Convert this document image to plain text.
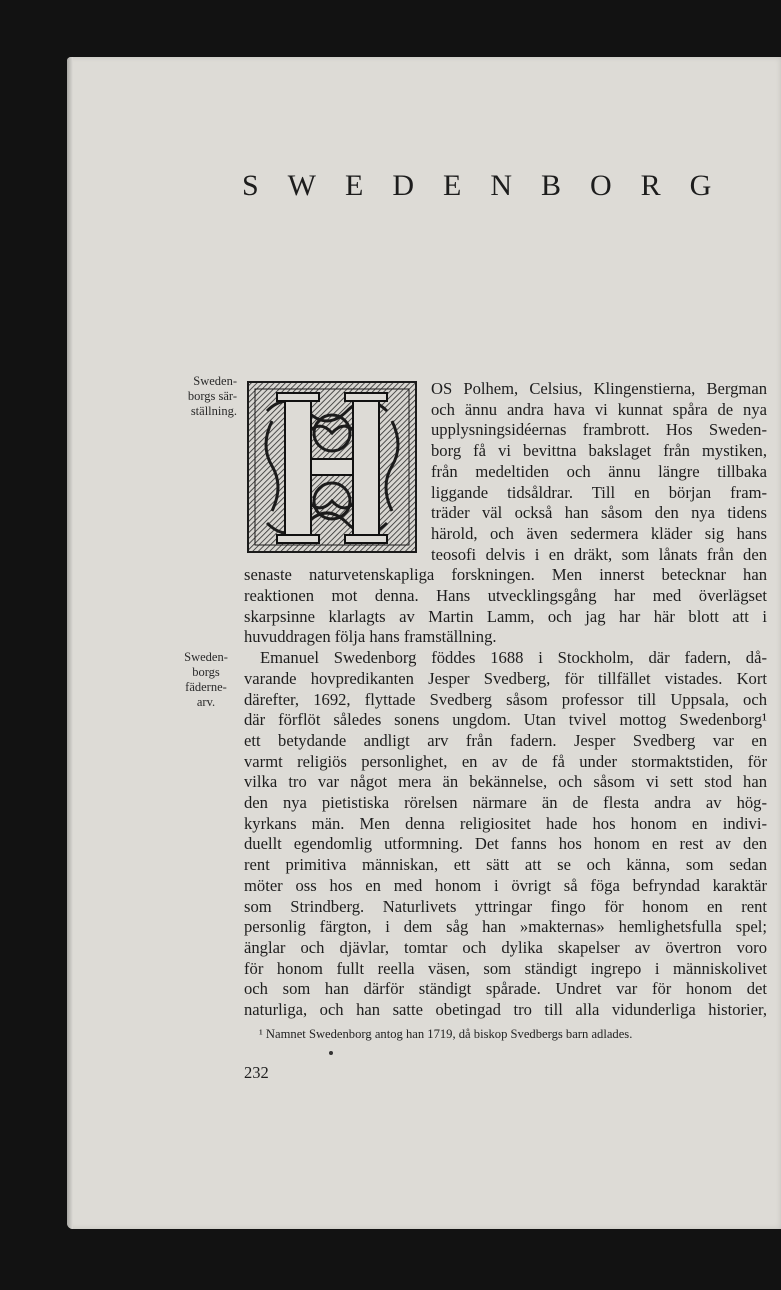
SWEDENBORG
Sweden-
borgs sär-
ställning.
Sweden-
borgs
fäderne-
arv.
OS Polhem, Celsius, Klingenstierna, Bergman
och ännu andra hava vi kunnat spåra de nya
upplysningsidéernas frambrott. Hos Sweden-
borg få vi bevittna bakslaget från mystiken,
från medeltiden och ännu längre tillbaka
liggande tidsåldrar. Till en början fram-
träder väl också han såsom den nya tidens
härold, och även sedermera kläder sig hans
teosofi delvis i en dräkt, som lånats från den
senaste naturvetenskapliga forskningen. Men innerst betecknar han
reaktionen mot denna. Hans utvecklingsgång har med överlägset
skarpsinne klarlagts av Martin Lamm, och jag har här blott att i
huvuddragen följa hans framställning.
Emanuel Swedenborg föddes 1688 i Stockholm, där fadern, då-
varande hovpredikanten Jesper Svedberg, för tillfället vistades. Kort
därefter, 1692, flyttade Svedberg såsom professor till Uppsala, och
där förflöt således sonens ungdom. Utan tvivel mottog Swedenborg¹
ett betydande andligt arv från fadern. Jesper Svedberg var en
varmt religiös personlighet, en av de få under stormaktstiden, för
vilka tro var något mera än bekännelse, och såsom vi sett stod han
den nya pietistiska rörelsen närmare än de flesta andra av hög-
kyrkans män. Men denna religiositet hade hos honom en indivi-
duellt egendomlig utformning. Det fanns hos honom en rest av den
rent primitiva människan, ett sätt att se och känna, som sedan
möter oss hos en med honom i övrigt så föga befryndad karaktär
som Strindberg. Naturlivets yttringar fingo för honom en rent
personlig färgton, i dem såg han »makternas» hemlighetsfulla spel;
änglar och djävlar, tomtar och dylika skapelser av övertron voro
för honom fullt reella väsen, som ständigt ingrepo i människolivet
och som han därför ständigt spårade. Undret var för honom det
naturliga, och han satte obetingad tro till alla vidunderliga historier,
¹ Namnet Swedenborg antog han 1719, då biskop Svedbergs barn adlades.
232
